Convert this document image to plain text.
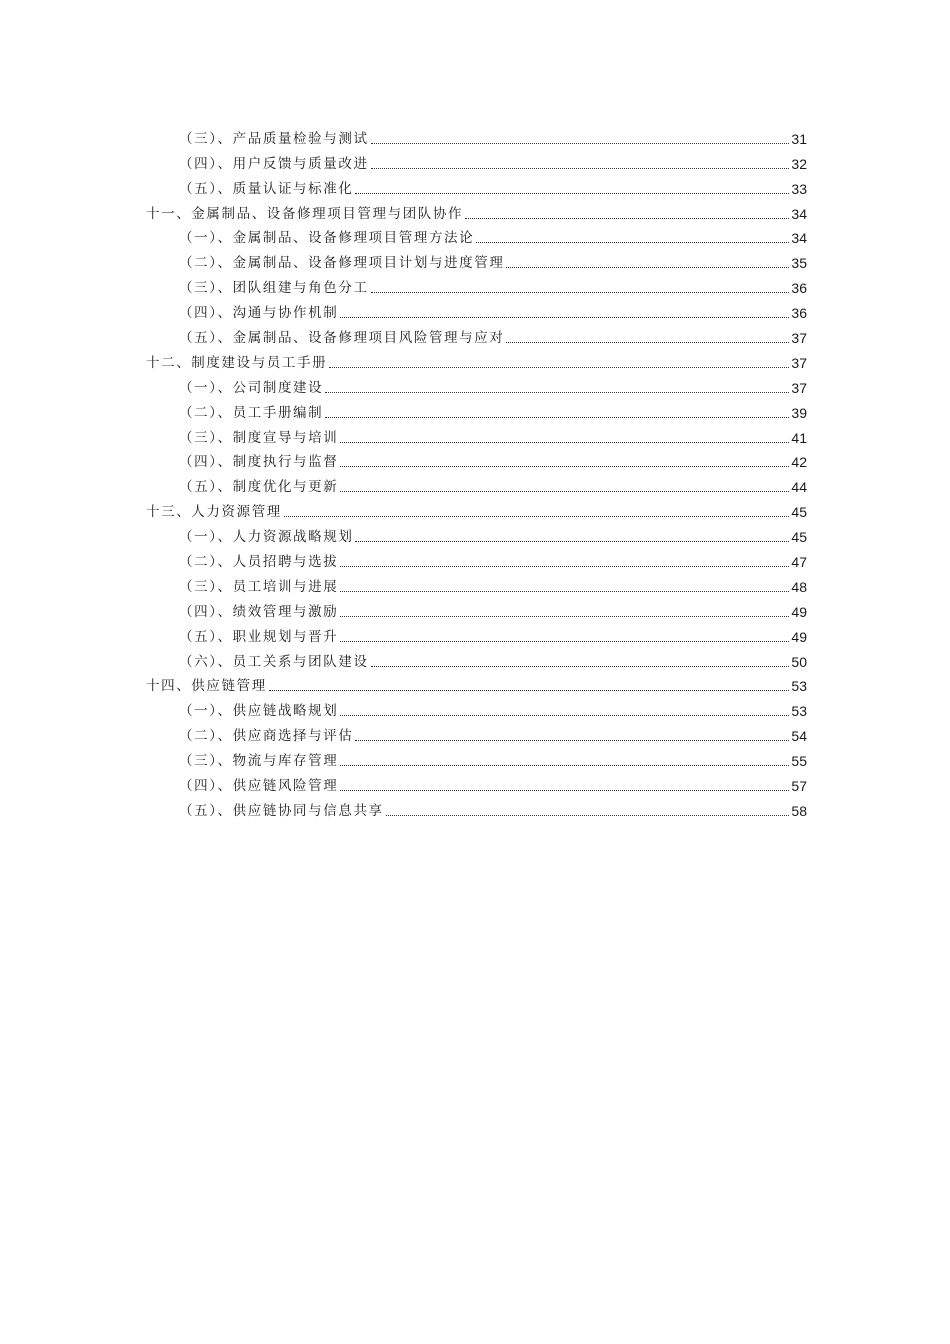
（三）、产品质量检验与测试	31
（四）、用户反馈与质量改进	32
（五）、质量认证与标准化	33
十一、金属制品、设备修理项目管理与团队协作	34
（一）、金属制品、设备修理项目管理方法论	34
（二）、金属制品、设备修理项目计划与进度管理	35
（三）、团队组建与角色分工	36
（四）、沟通与协作机制	36
（五）、金属制品、设备修理项目风险管理与应对	37
十二、制度建设与员工手册	37
（一）、公司制度建设	37
（二）、员工手册编制	39
（三）、制度宣导与培训	41
（四）、制度执行与监督	42
（五）、制度优化与更新	44
十三、人力资源管理	45
（一）、人力资源战略规划	45
（二）、人员招聘与选拔	47
（三）、员工培训与进展	48
（四）、绩效管理与激励	49
（五）、职业规划与晋升	49
（六）、员工关系与团队建设	50
十四、供应链管理	53
（一）、供应链战略规划	53
（二）、供应商选择与评估	54
（三）、物流与库存管理	55
（四）、供应链风险管理	57
（五）、供应链协同与信息共享	58
